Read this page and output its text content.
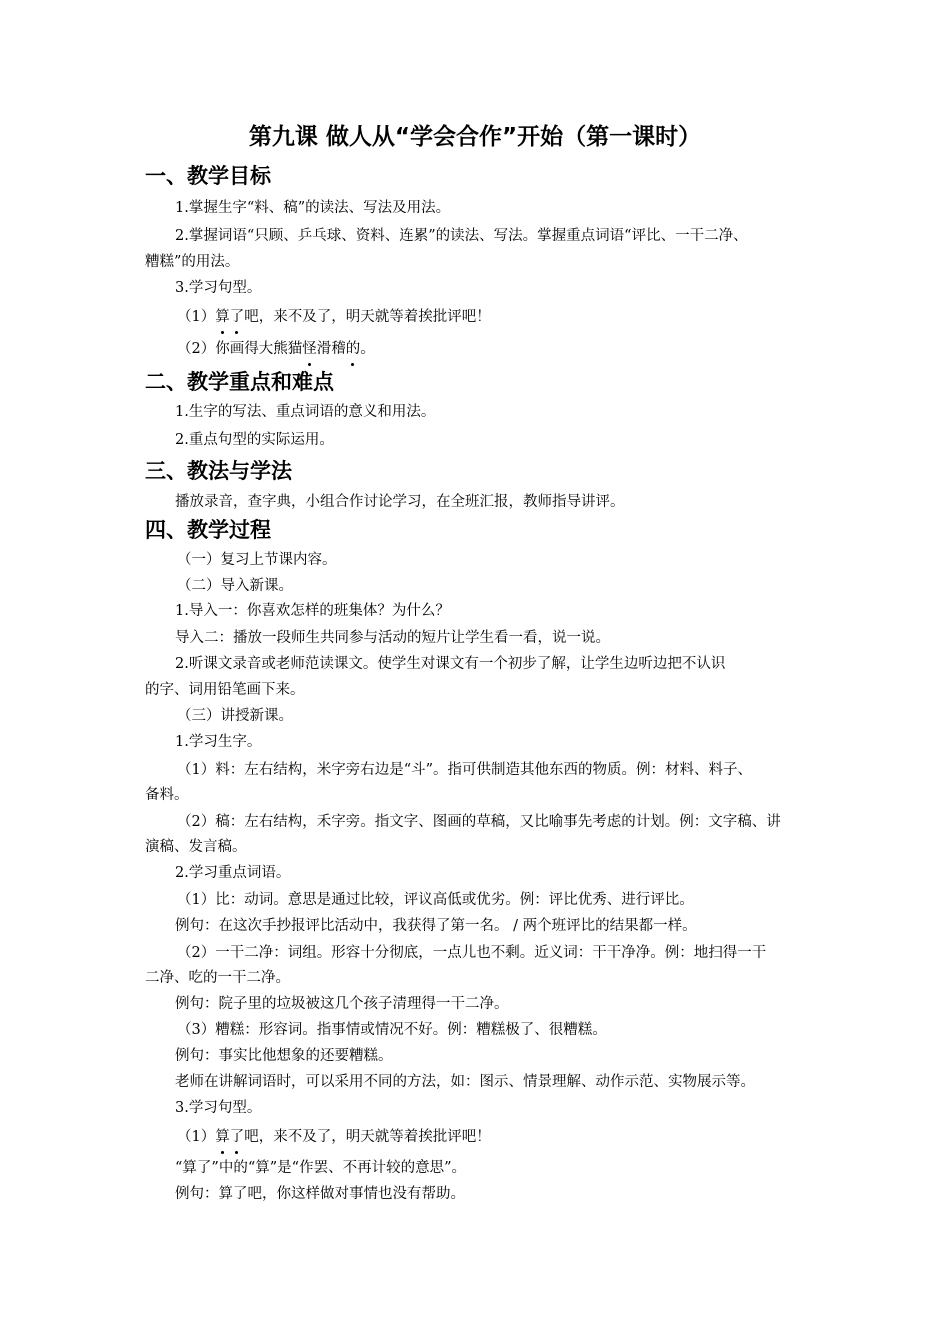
第九课 做人从“学会合作”开始（第一课时）
一、教学目标

1.掌握生字“料、稿”的读法、写法及用法。

2.掌握词语“只顾、乒乓球、资料、连累”的读法、写法。掌握重点词语“评比、一干二净、

糟糕”的用法。

3.学习句型。

（1）算了吧，来不及了，明天就等着挨批评吧！

（2）你画得大熊猫怪滑稽的。

二、教学重点和难点

1.生字的写法、重点词语的意义和用法。

2.重点句型的实际运用。

三、教法与学法

播放录音，查字典，小组合作讨论学习，在全班汇报，教师指导讲评。

四、教学过程

（一）复习上节课内容。

（二）导入新课。

1.导入一：你喜欢怎样的班集体？为什么？

导入二：播放一段师生共同参与活动的短片让学生看一看，说一说。

2.听课文录音或老师范读课文。使学生对课文有一个初步了解，让学生边听边把不认识

的字、词用铅笔画下来。

（三）讲授新课。

1.学习生字。

（1）料：左右结构，米字旁右边是“斗”。指可供制造其他东西的物质。例：材料、料子、

备料。

（2）稿：左右结构，禾字旁。指文字、图画的草稿，又比喻事先考虑的计划。例：文字稿、讲

演稿、发言稿。

2.学习重点词语。

（1）比：动词。意思是通过比较，评议高低或优劣。例：评比优秀、进行评比。

例句：在这次手抄报评比活动中，我获得了第一名。 / 两个班评比的结果都一样。

（2）一干二净：词组。形容十分彻底，一点儿也不剩。近义词：干干净净。例：地扫得一干

二净、吃的一干二净。

例句：院子里的垃圾被这几个孩子清理得一干二净。

（3）糟糕：形容词。指事情或情况不好。例：糟糕极了、很糟糕。

例句：事实比他想象的还要糟糕。

老师在讲解词语时，可以采用不同的方法，如：图示、情景理解、动作示范、实物展示等。

3.学习句型。

（1）算了吧，来不及了，明天就等着挨批评吧！

“算了”中的“算”是“作罢、不再计较的意思”。

例句：算了吧，你这样做对事情也没有帮助。
